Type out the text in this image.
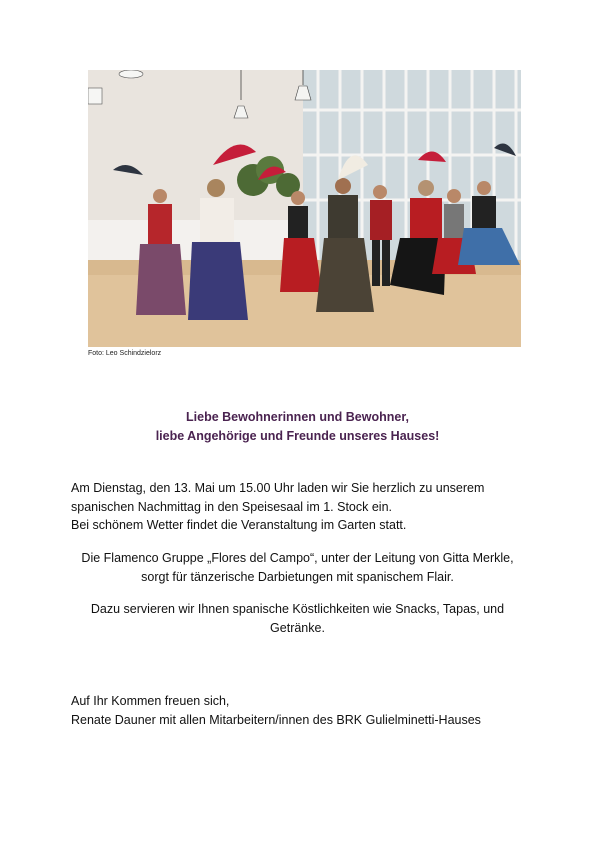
Foto: Leo Schindzielorz
Liebe Bewohnerinnen und Bewohner,
liebe Angehörige und Freunde unseres Hauses!
Am Dienstag, den 13. Mai um 15.00 Uhr laden wir Sie herzlich zu unserem
spanischen Nachmittag in den Speisesaal im 1. Stock ein.
Bei schönem Wetter findet die Veranstaltung im Garten statt.
Die Flamenco Gruppe „Flores del Campo“, unter der Leitung von Gitta Merkle,
sorgt für tänzerische Darbietungen mit spanischem Flair.
Dazu servieren wir Ihnen spanische Köstlichkeiten wie Snacks, Tapas, und
Getränke.
Auf Ihr Kommen freuen sich,
Renate Dauner mit allen Mitarbeitern/innen des BRK Gulielminetti-Hauses
